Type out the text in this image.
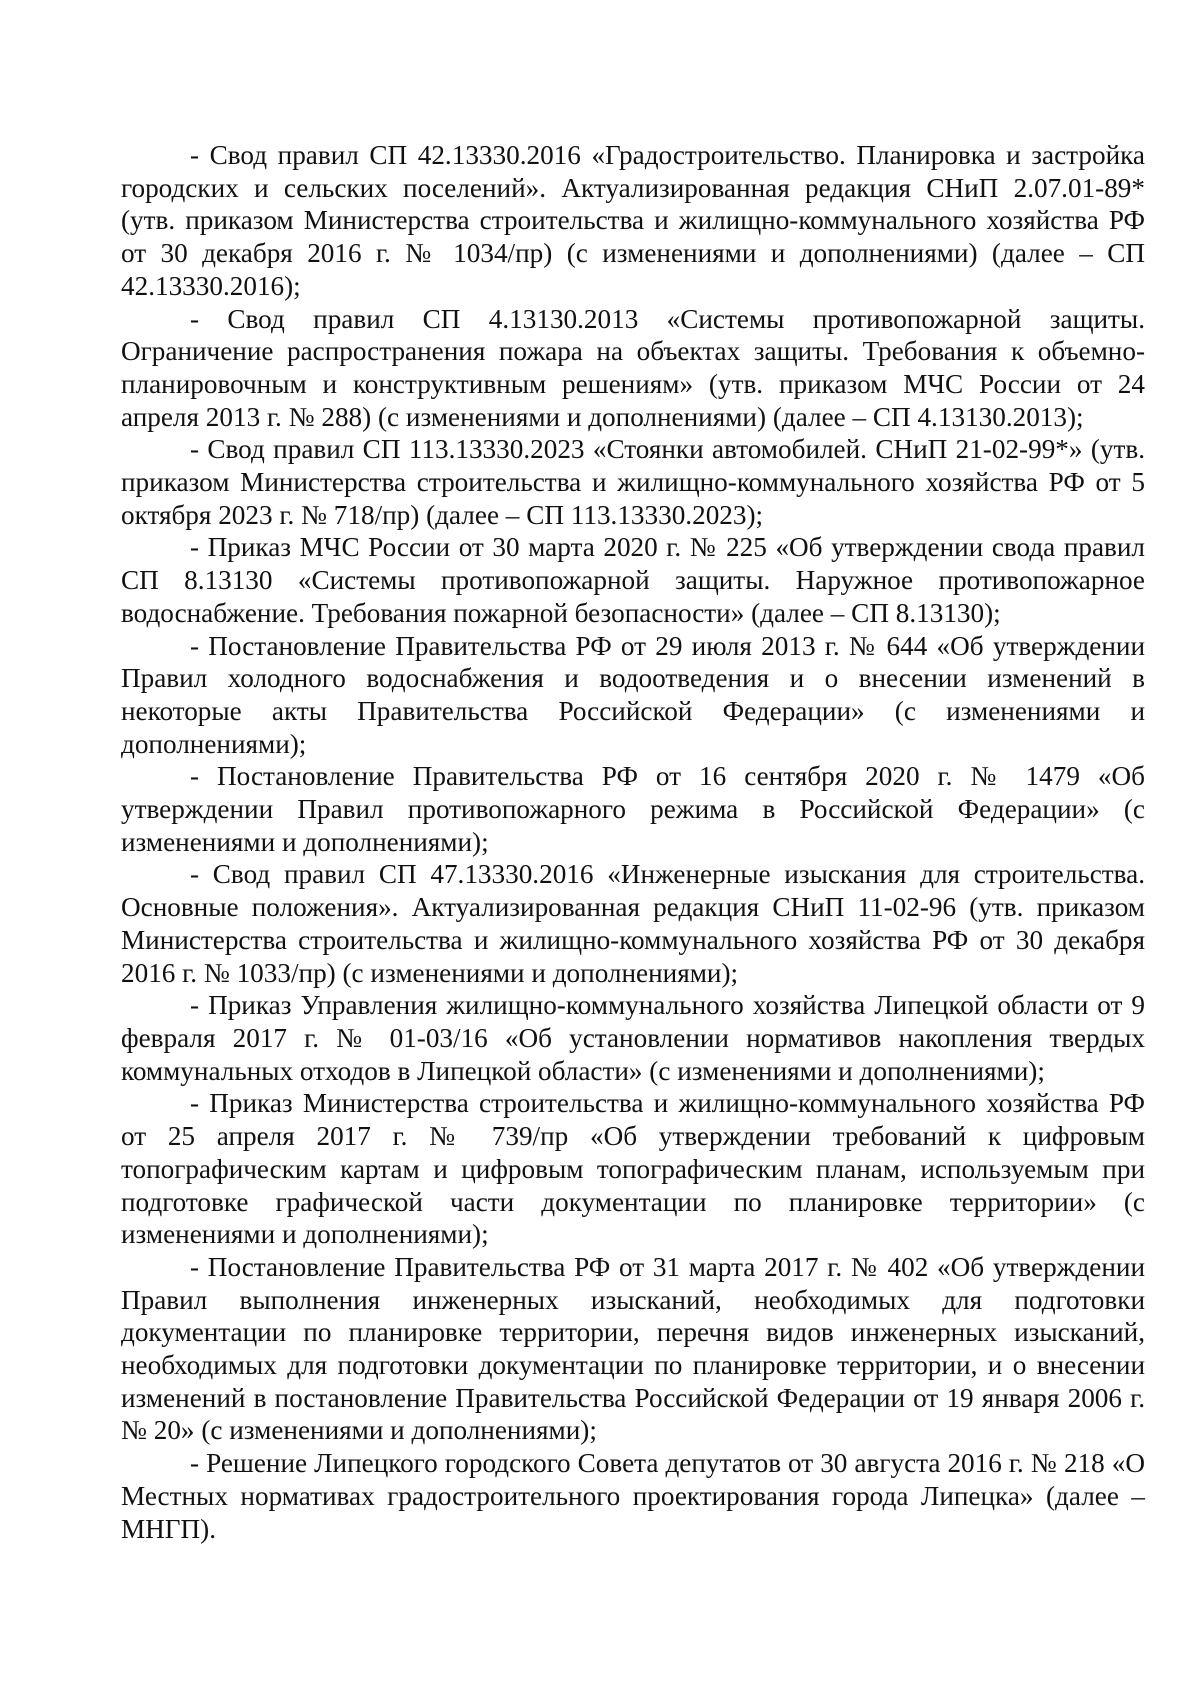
- Свод правил СП 42.13330.2016 «Градостроительство. Планировка и застройка городских и сельских поселений». Актуализированная редакция СНиП 2.07.01-89* (утв. приказом Министерства строительства и жилищно-коммунального хозяйства РФ от 30 декабря 2016 г. № 1034/пр) (с изменениями и дополнениями) (далее – СП 42.13330.2016);

- Свод правил СП 4.13130.2013 «Системы противопожарной защиты. Ограничение распространения пожара на объектах защиты. Требования к объемно-планировочным и конструктивным решениям» (утв. приказом МЧС России от 24 апреля 2013 г. № 288) (с изменениями и дополнениями) (далее – СП 4.13130.2013);

- Свод правил СП 113.13330.2023 «Стоянки автомобилей. СНиП 21-02-99*» (утв. приказом Министерства строительства и жилищно-коммунального хозяйства РФ от 5 октября 2023 г. № 718/пр) (далее – СП 113.13330.2023);

- Приказ МЧС России от 30 марта 2020 г. № 225 «Об утверждении свода правил СП 8.13130 «Системы противопожарной защиты. Наружное противопожарное водоснабжение. Требования пожарной безопасности» (далее – СП 8.13130);

- Постановление Правительства РФ от 29 июля 2013 г. № 644 «Об утверждении Правил холодного водоснабжения и водоотведения и о внесении изменений в некоторые акты Правительства Российской Федерации» (с изменениями и дополнениями);

- Постановление Правительства РФ от 16 сентября 2020 г. № 1479 «Об утверждении Правил противопожарного режима в Российской Федерации» (с изменениями и дополнениями);

- Свод правил СП 47.13330.2016 «Инженерные изыскания для строительства. Основные положения». Актуализированная редакция СНиП 11-02-96 (утв. приказом Министерства строительства и жилищно-коммунального хозяйства РФ от 30 декабря 2016 г. № 1033/пр) (с изменениями и дополнениями);

- Приказ Управления жилищно-коммунального хозяйства Липецкой области от 9 февраля 2017 г. № 01-03/16 «Об установлении нормативов накопления твердых коммунальных отходов в Липецкой области» (с изменениями и дополнениями);

- Приказ Министерства строительства и жилищно-коммунального хозяйства РФ от 25 апреля 2017 г. № 739/пр «Об утверждении требований к цифровым топографическим картам и цифровым топографическим планам, используемым при подготовке графической части документации по планировке территории» (с изменениями и дополнениями);

- Постановление Правительства РФ от 31 марта 2017 г. № 402 «Об утверждении Правил выполнения инженерных изысканий, необходимых для подготовки документации по планировке территории, перечня видов инженерных изысканий, необходимых для подготовки документации по планировке территории, и о внесении изменений в постановление Правительства Российской Федерации от 19 января 2006 г. № 20» (с изменениями и дополнениями);

- Решение Липецкого городского Совета депутатов от 30 августа 2016 г. № 218 «О Местных нормативах градостроительного проектирования города Липецка» (далее – МНГП).
